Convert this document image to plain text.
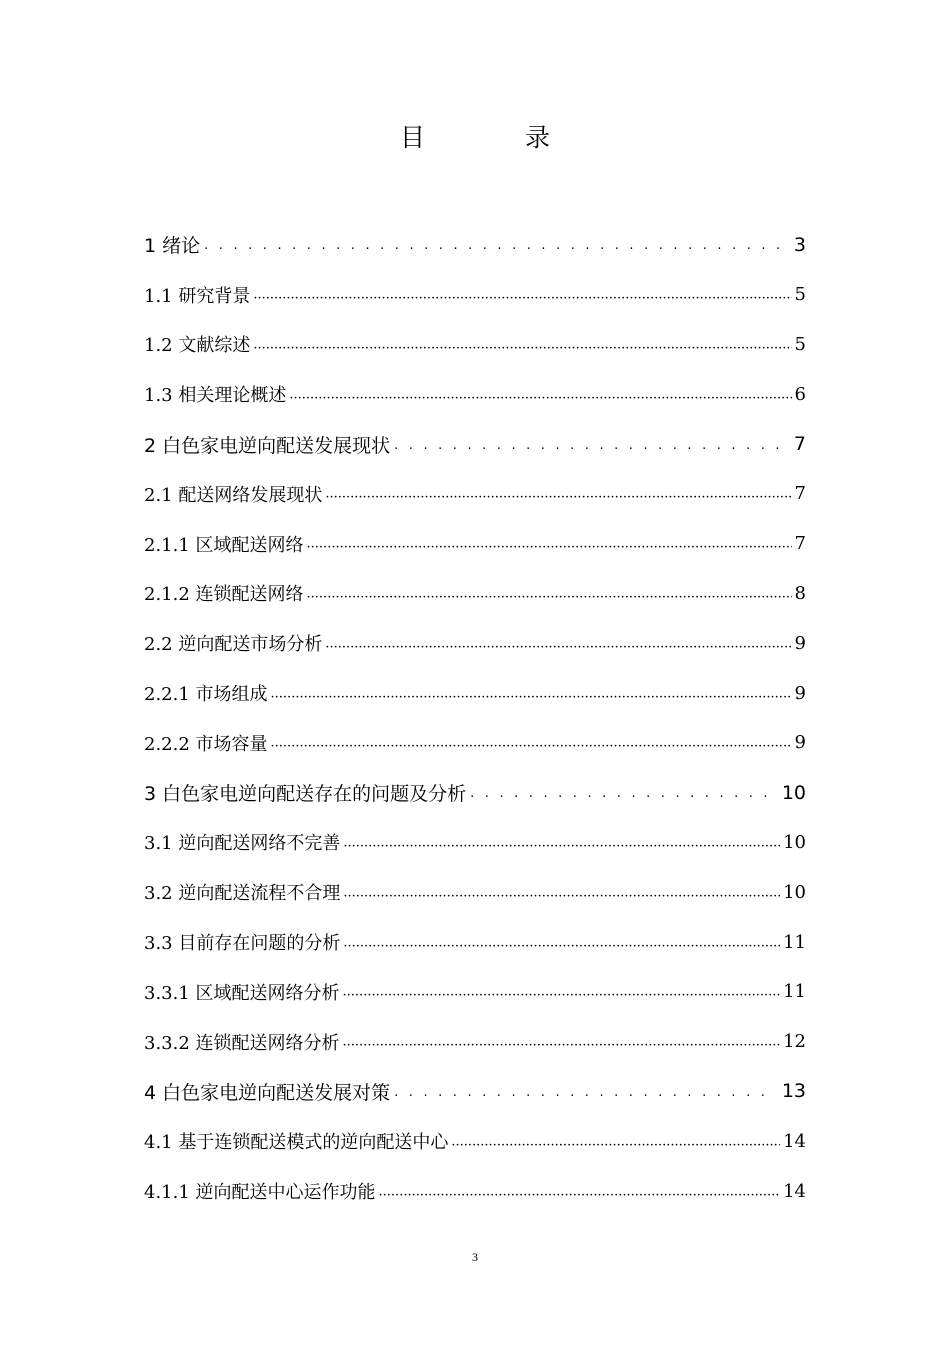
目 录
1 绪论 . . .	3
1.1 研究背景 ·····	5
1.2 文献综述 ·····	5
1.3 相关理论概述 ·····	6
2 白色家电逆向配送发展现状 . . .	7
2.1 配送网络发展现状 ·····	7
2.1.1 区域配送网络 ·····	7
2.1.2 连锁配送网络 ·····	8
2.2 逆向配送市场分析 ·····	9
2.2.1 市场组成 ·····	9
2.2.2 市场容量 ·····	9
3 白色家电逆向配送存在的问题及分析 . . .	10
3.1 逆向配送网络不完善 ·····	10
3.2 逆向配送流程不合理 ·····	10
3.3 目前存在问题的分析 ·····	11
3.3.1 区域配送网络分析 ·····	11
3.3.2 连锁配送网络分析 ·····	12
4 白色家电逆向配送发展对策 . . .	13
4.1 基于连锁配送模式的逆向配送中心 ·····	14
4.1.1 逆向配送中心运作功能 ·····	14
3
